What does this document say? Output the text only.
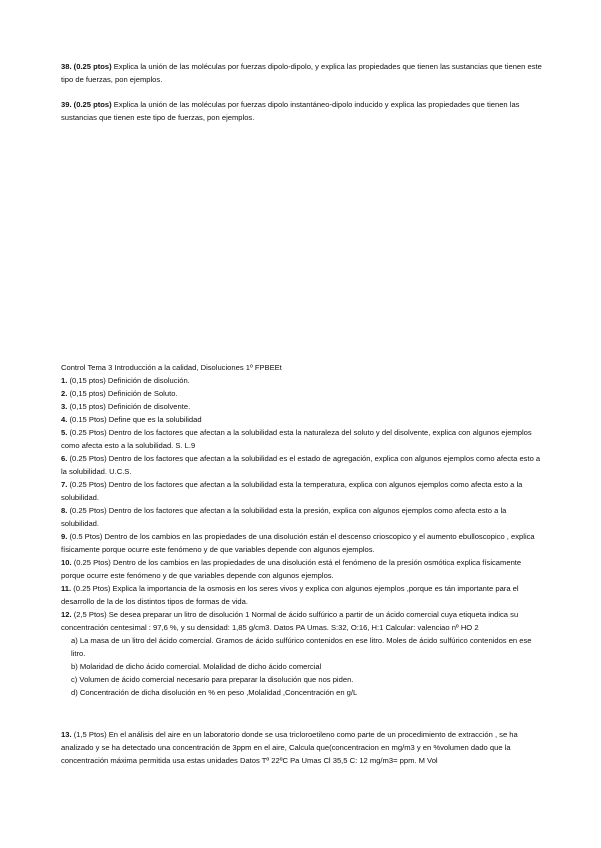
38. (0.25 ptos) Explica la unión de las moléculas por fuerzas dipolo-dipolo, y explica las propiedades que tienen las sustancias que tienen este tipo de fuerzas, pon ejemplos.

39. (0.25 ptos) Explica la unión de las moléculas por fuerzas dipolo instantáneo-dipolo inducido y explica las propiedades que tienen las sustancias que tienen este tipo de fuerzas, pon ejemplos.

Control Tema 3 Introducción a la calidad, Disoluciones 1º FPBEEt

1. (0,15 ptos) Definición de disolución.

2. (0,15 ptos) Definición de Soluto.

3. (0,15 ptos) Definición de disolvente.

4. (0.15 Ptos) Define que es la solubilidad

5. (0.25 Ptos) Dentro de los factores que afectan a la solubilidad esta la naturaleza del soluto y del disolvente, explica con algunos ejemplos como afecta esto a la solubilidad. S. L.9

6. (0.25 Ptos) Dentro de los factores que afectan a la solubilidad es el estado de agregación, explica con algunos ejemplos como afecta esto a la solubilidad. U.C.S.

7. (0.25 Ptos) Dentro de los factores que afectan a la solubilidad esta la temperatura, explica con algunos ejemplos como afecta esto a la solubilidad.

8. (0.25 Ptos) Dentro de los factores que afectan a la solubilidad esta la presión, explica con algunos ejemplos como afecta esto a la solubilidad.

9. (0.5 Ptos) Dentro de los cambios en las propiedades de una disolución están el descenso crioscopico y el aumento ebulloscopico , explica físicamente porque ocurre este fenómeno y de que variables depende con algunos ejemplos.

10. (0.25 Ptos) Dentro de los cambios en las propiedades de una disolución está el fenómeno de la presión osmótica explica físicamente porque ocurre este fenómeno y de que variables depende con algunos ejemplos.

11. (0.25 Ptos) Explica la importancia de la osmosis en los seres vivos y explica con algunos ejemplos ,porque es tán importante para el desarrollo de la de los distintos tipos de formas de vida.

12. (2,5 Ptos) Se desea preparar un litro de disolución 1 Normal de ácido sulfúrico a partir de un ácido comercial cuya etiqueta indica su concentración centesimal : 97,6 %, y su densidad: 1,85 g/cm3. Datos PA Umas. S:32, O:16, H:1 Calcular: valenciao nº HO 2

a) La masa de un litro del ácido comercial. Gramos de ácido sulfúrico contenidos en ese litro. Moles de ácido sulfúrico contenidos en ese litro.

b) Molaridad de dicho ácido comercial. Molalidad de dicho ácido comercial

c) Volumen de ácido comercial necesario para preparar la disolución que nos piden.

d) Concentración de dicha disolución en % en peso ,Molalidad ,Concentración en g/L

13. (1,5 Ptos) En el análisis del aire en un laboratorio donde se usa tricloroetileno como parte de un procedimiento de extracción , se ha analizado y se ha detectado una concentración de 3ppm en el aire, Calcula que(concentracion en mg/m3 y en %volumen dado que la concentración máxima permitida usa estas unidades Datos Tº 22ºC Pa Umas Cl 35,5 C: 12 mg/m3= ppm. M Vol
